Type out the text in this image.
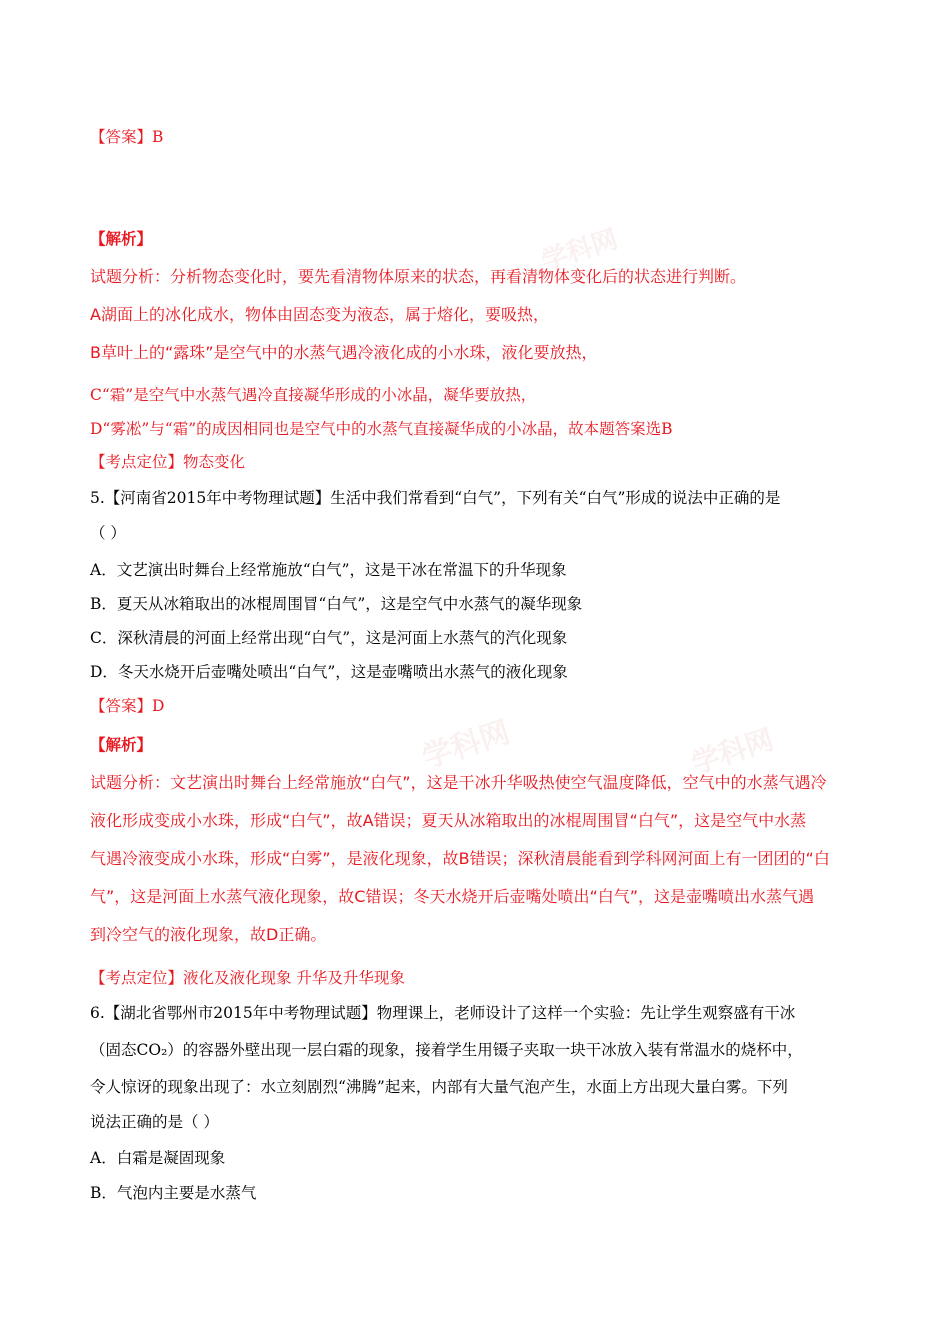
学科网
学科网	学科网
【答案】B
【解析】
试题分析：分析物态变化时，要先看清物体原来的状态，再看清物体变化后的状态进行判断。
A湖面上的冰化成水，物体由固态变为液态，属于熔化，要吸热，
B草叶上的“露珠”是空气中的水蒸气遇冷液化成的小水珠，液化要放热，
C“霜”是空气中水蒸气遇冷直接凝华形成的小冰晶，凝华要放热，
D“雾凇”与“霜”的成因相同也是空气中的水蒸气直接凝华成的小冰晶，故本题答案选B
【考点定位】物态变化
5.【河南省2015年中考物理试题】生活中我们常看到“白气”，下列有关“白气”形成的说法中正确的是
（ ）
A．文艺演出时舞台上经常施放“白气”，这是干冰在常温下的升华现象
B．夏天从冰箱取出的冰棍周围冒“白气”，这是空气中水蒸气的凝华现象
C．深秋清晨的河面上经常出现“白气”，这是河面上水蒸气的汽化现象
D．冬天水烧开后壶嘴处喷出“白气”，这是壶嘴喷出水蒸气的液化现象
【答案】D
【解析】
试题分析：文艺演出时舞台上经常施放“白气”，这是干冰升华吸热使空气温度降低，空气中的水蒸气遇冷
液化形成变成小水珠，形成“白气”，故A错误；夏天从冰箱取出的冰棍周围冒“白气”，这是空气中水蒸
气遇冷液变成小水珠，形成“白雾”，是液化现象，故B错误；深秋清晨能看到学科网河面上有一团团的“白
气”，这是河面上水蒸气液化现象，故C错误；冬天水烧开后壶嘴处喷出“白气”，这是壶嘴喷出水蒸气遇
到冷空气的液化现象，故D正确。
【考点定位】液化及液化现象 升华及升华现象
6.【湖北省鄂州市2015年中考物理试题】物理课上，老师设计了这样一个实验：先让学生观察盛有干冰
（固态CO₂）的容器外壁出现一层白霜的现象，接着学生用镊子夹取一块干冰放入装有常温水的烧杯中，
令人惊讶的现象出现了：水立刻剧烈“沸腾”起来，内部有大量气泡产生，水面上方出现大量白雾。下列
说法正确的是（ ）
A．白霜是凝固现象
B．气泡内主要是水蒸气
